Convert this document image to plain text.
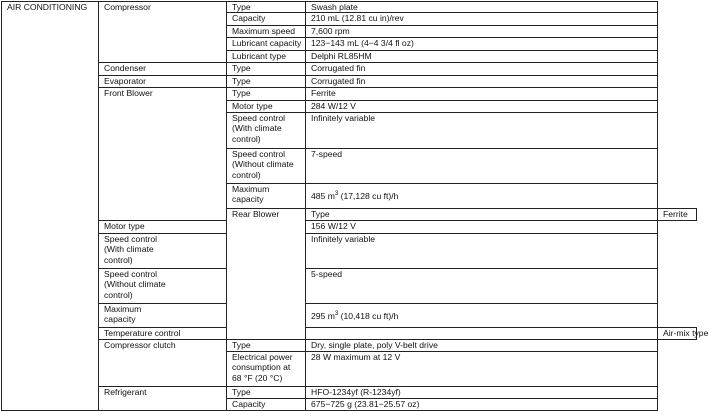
AIR CONDITIONING	Compressor	Type	Swash plate	
		Capacity	210 mL (12.81 cu in)/rev	
		Maximum speed	7,600 rpm	
		Lubricant capacity	123−143 mL (4−4 3/4 fl oz)	
		Lubricant type	Delphi RL85HM	
	Condenser	Type	Corrugated fin	
	Evaporator	Type	Corrugated fin	
	Front Blower	Type	Ferrite	
		Motor type	284 W/12 V	

		Speed control
(With climate
control)	Infinitely variable	

		Speed control
(Without climate
control)	7-speed	

		Maximum
capacity	485 $m^3$ (17,128 cu ft)/h	
		Rear Blower	Type	Ferrite
	Motor type		156 W/12 V	

	Speed control
(With climate
control)		Infinitely variable	

	Speed control
(Without climate
control)		5-speed	

	Maximum
capacity		295 $m^3$ (10,418 cu ft)/h	
	Temperature control			Air-mix type
	Compressor clutch	Type	Dry, single plate, poly V-belt drive	

		Electrical power
consumption at
68 °F (20 °C)	28 W maximum at 12 V	
	Refrigerant	Type	HFO-1234yf (R-1234yf)	
		Capacity	675−725 g (23.81−25.57 oz)	
